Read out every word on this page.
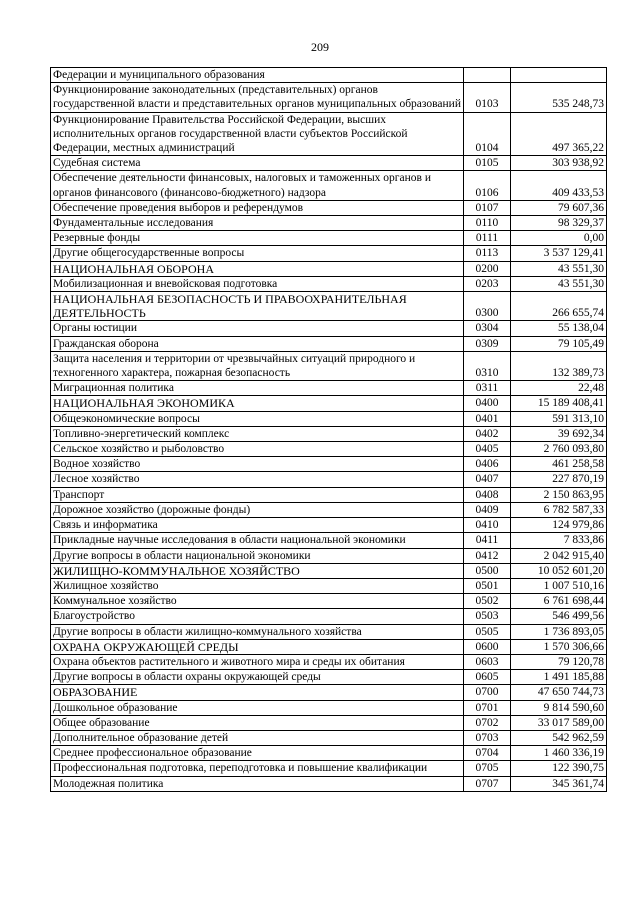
209
Федерации и муниципального образования		
Функционирование законодательных (представительных) органов государственной власти и представительных органов муниципальных образований	0103	535 248,73
Функционирование Правительства Российской Федерации, высших исполнительных органов государственной власти субъектов Российской Федерации, местных администраций	0104	497 365,22
Судебная система	0105	303 938,92
Обеспечение деятельности финансовых, налоговых и таможенных органов и органов финансового (финансово-бюджетного) надзора	0106	409 433,53
Обеспечение проведения выборов и референдумов	0107	79 607,36
Фундаментальные исследования	0110	98 329,37
Резервные фонды	0111	0,00
Другие общегосударственные вопросы	0113	3 537 129,41
НАЦИОНАЛЬНАЯ ОБОРОНА	0200	43 551,30
Мобилизационная и вневойсковая подготовка	0203	43 551,30
НАЦИОНАЛЬНАЯ БЕЗОПАСНОСТЬ И ПРАВООХРАНИТЕЛЬНАЯ ДЕЯТЕЛЬНОСТЬ	0300	266 655,74
Органы юстиции	0304	55 138,04
Гражданская оборона	0309	79 105,49
Защита населения и территории от чрезвычайных ситуаций природного и техногенного характера, пожарная безопасность	0310	132 389,73
Миграционная политика	0311	22,48
НАЦИОНАЛЬНАЯ ЭКОНОМИКА	0400	15 189 408,41
Общеэкономические вопросы	0401	591 313,10
Топливно-энергетический комплекс	0402	39 692,34
Сельское хозяйство и рыболовство	0405	2 760 093,80
Водное хозяйство	0406	461 258,58
Лесное хозяйство	0407	227 870,19
Транспорт	0408	2 150 863,95
Дорожное хозяйство (дорожные фонды)	0409	6 782 587,33
Связь и информатика	0410	124 979,86
Прикладные научные исследования в области национальной экономики	0411	7 833,86
Другие вопросы в области национальной экономики	0412	2 042 915,40
ЖИЛИЩНО-КОММУНАЛЬНОЕ ХОЗЯЙСТВО	0500	10 052 601,20
Жилищное хозяйство	0501	1 007 510,16
Коммунальное хозяйство	0502	6 761 698,44
Благоустройство	0503	546 499,56
Другие вопросы в области жилищно-коммунального хозяйства	0505	1 736 893,05
ОХРАНА ОКРУЖАЮЩЕЙ СРЕДЫ	0600	1 570 306,66
Охрана объектов растительного и животного мира и среды их обитания	0603	79 120,78
Другие вопросы в области охраны окружающей среды	0605	1 491 185,88
ОБРАЗОВАНИЕ	0700	47 650 744,73
Дошкольное образование	0701	9 814 590,60
Общее образование	0702	33 017 589,00
Дополнительное образование детей	0703	542 962,59
Среднее профессиональное образование	0704	1 460 336,19
Профессиональная подготовка, переподготовка и повышение квалификации	0705	122 390,75
Молодежная политика	0707	345 361,74
